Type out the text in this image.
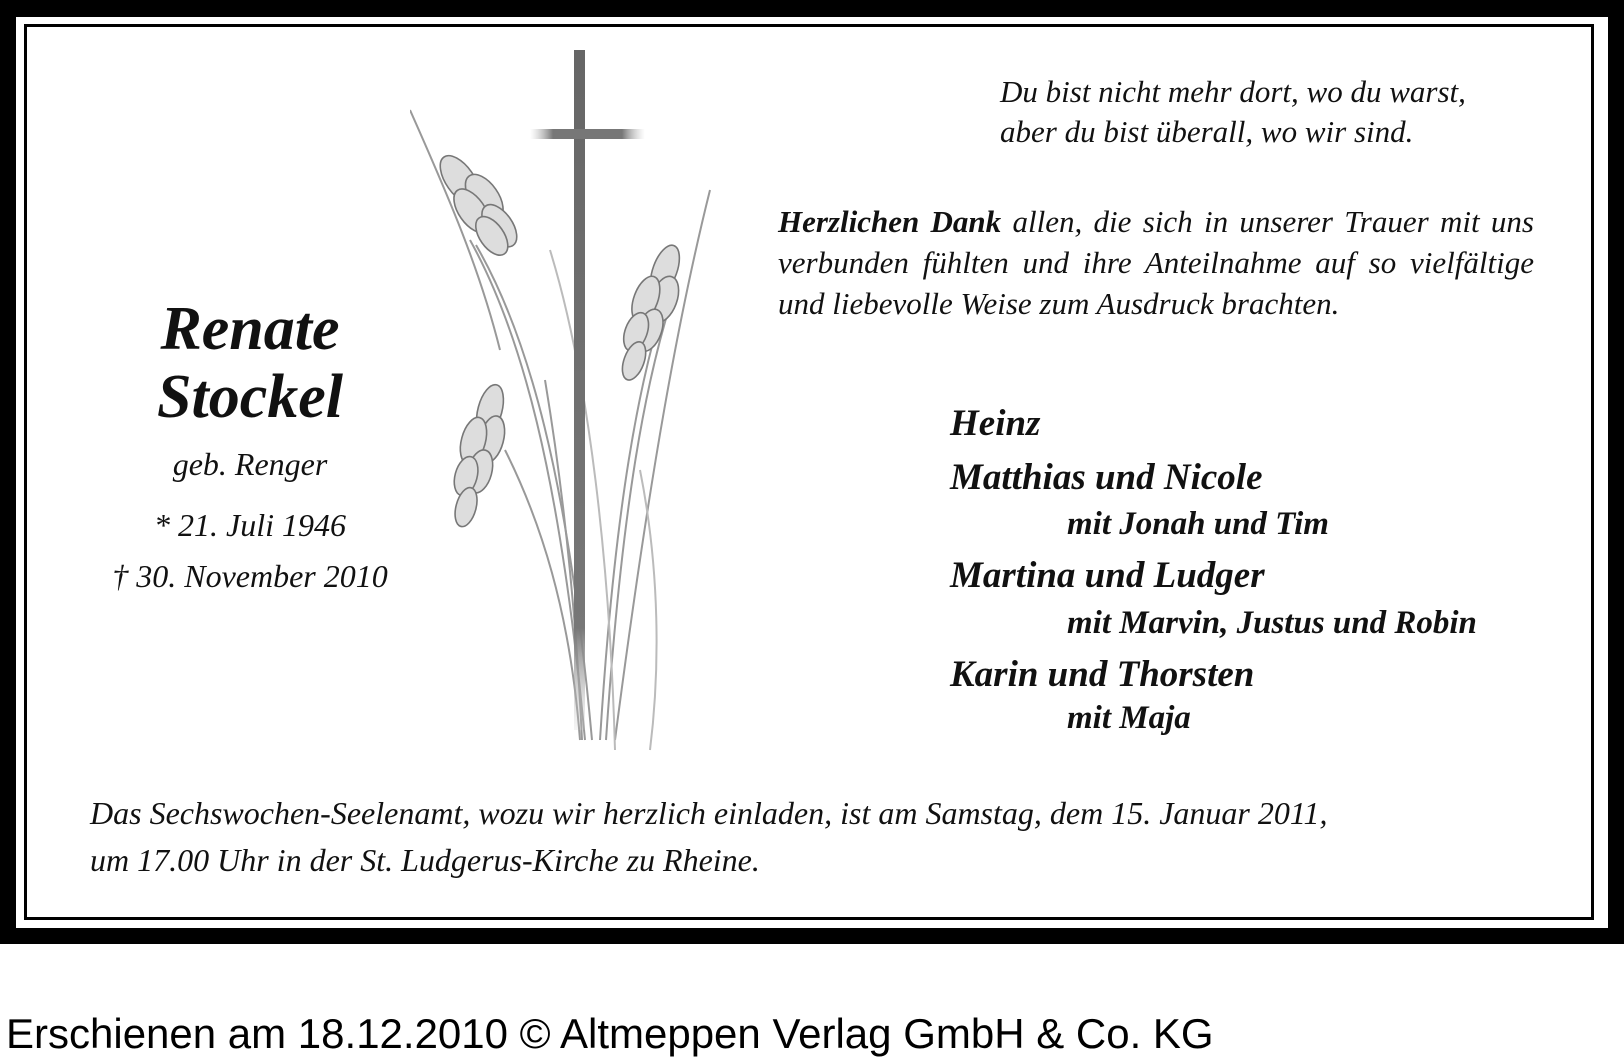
Du bist nicht mehr dort, wo du warst,
aber du bist überall, wo wir sind.
Herzlichen Dank allen, die sich in unserer Trauer mit uns verbunden fühlten und ihre Anteilnahme auf so vielfältige und liebevolle Weise zum Ausdruck brachten.
Renate
Stockel
geb. Renger
* 21. Juli 1946
† 30. November 2010
Heinz
Matthias und Nicole
mit Jonah und Tim
Martina und Ludger
mit Marvin, Justus und Robin
Karin und Thorsten
mit Maja
Das Sechswochen-Seelenamt, wozu wir herzlich einladen, ist am Samstag, dem 15. Januar 2011,
um 17.00 Uhr in der St. Ludgerus-Kirche zu Rheine.
Erschienen am 18.12.2010 © Altmeppen Verlag GmbH & Co. KG
